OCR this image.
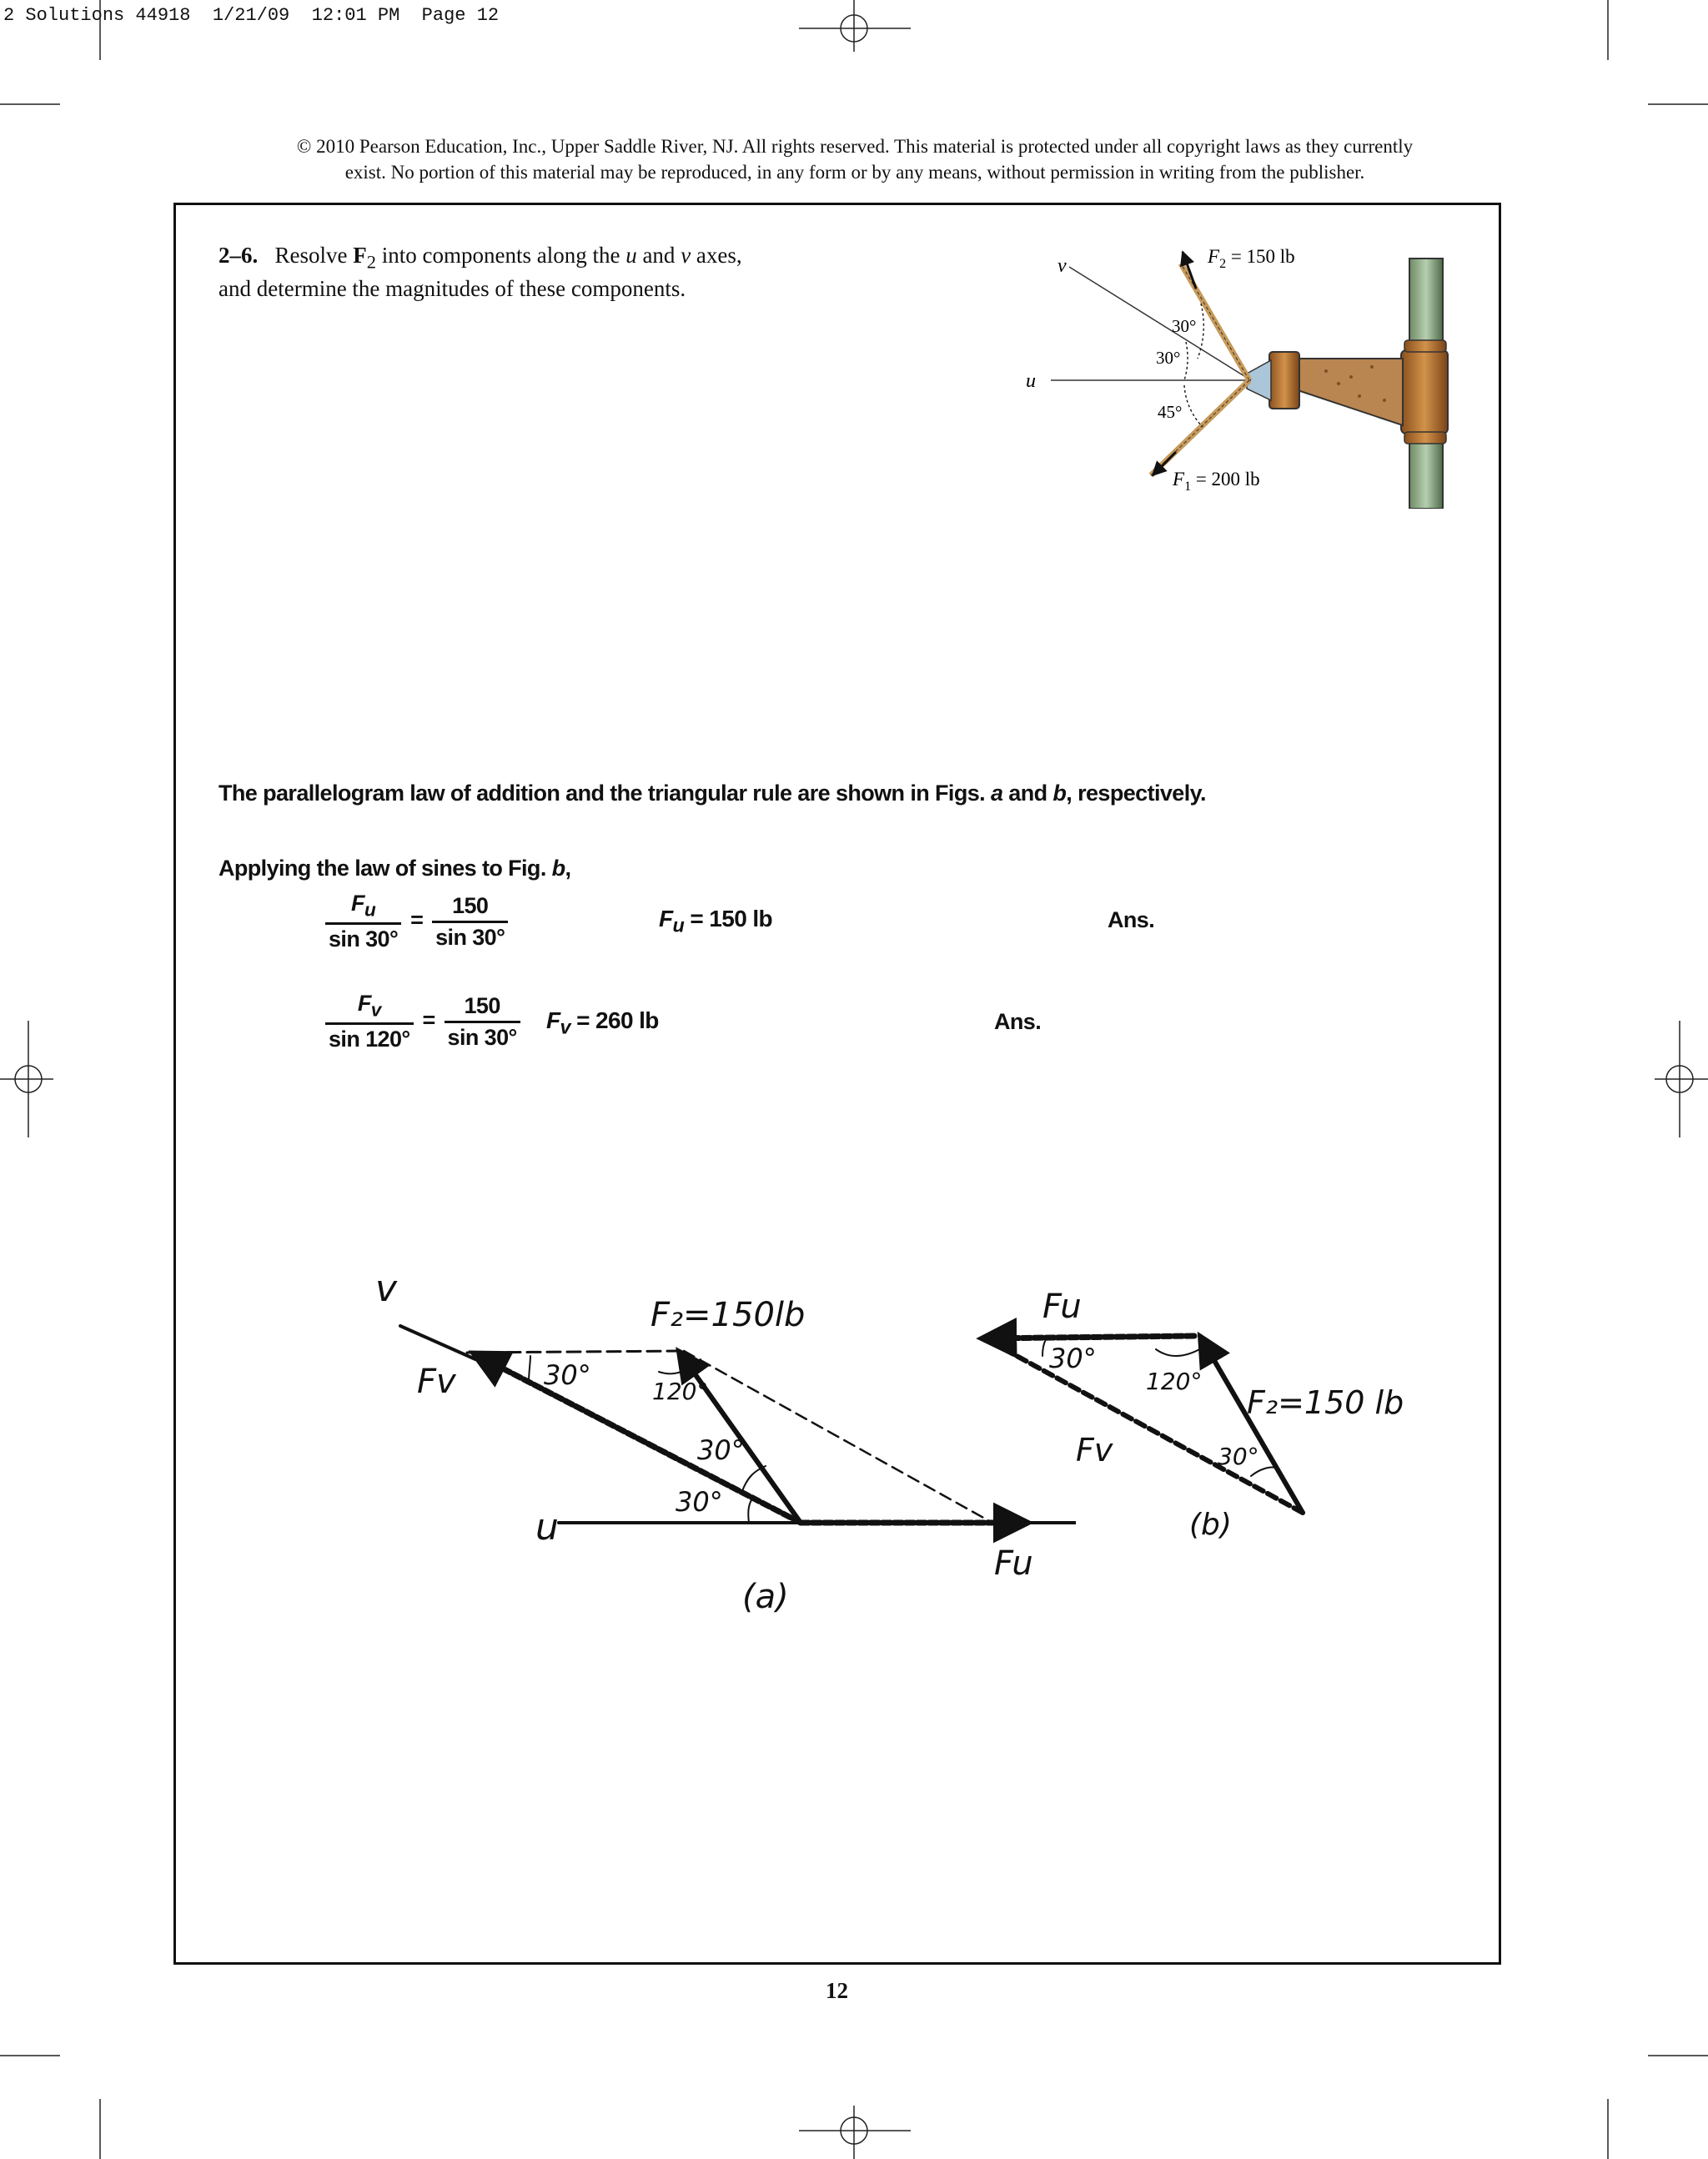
2 Solutions 44918  1/21/09  12:01 PM  Page 12
© 2010 Pearson Education, Inc., Upper Saddle River, NJ. All rights reserved. This material is protected under all copyright laws as they currently
exist. No portion of this material may be reproduced, in any form or by any means, without permission in writing from the publisher.
2–6. Resolve $F_2$ into components along the u and v axes,
and determine the magnitudes of these components.
v
u
$F_2 = 150$ lb
30°
30°
45°
$F_1 = 200$ lb
The parallelogram law of addition and the triangular rule are shown in Figs. a and b, respectively.
Applying the law of sines to Fig. b,
$\frac{F_u}{\sin 30^\circ} = \frac{150}{\sin 30^\circ}$	$F_u = 150$ lb	Ans.
$\frac{F_v}{\sin 120^\circ} = \frac{150}{\sin 30^\circ} F_v = 260$ lb	Ans.
v
Fv	30°
F₂=150lb
120°
30°
30°
u
Fu
(a)
Fu
30°
120°
F₂=150 lb
Fv	30°
(b)
12
